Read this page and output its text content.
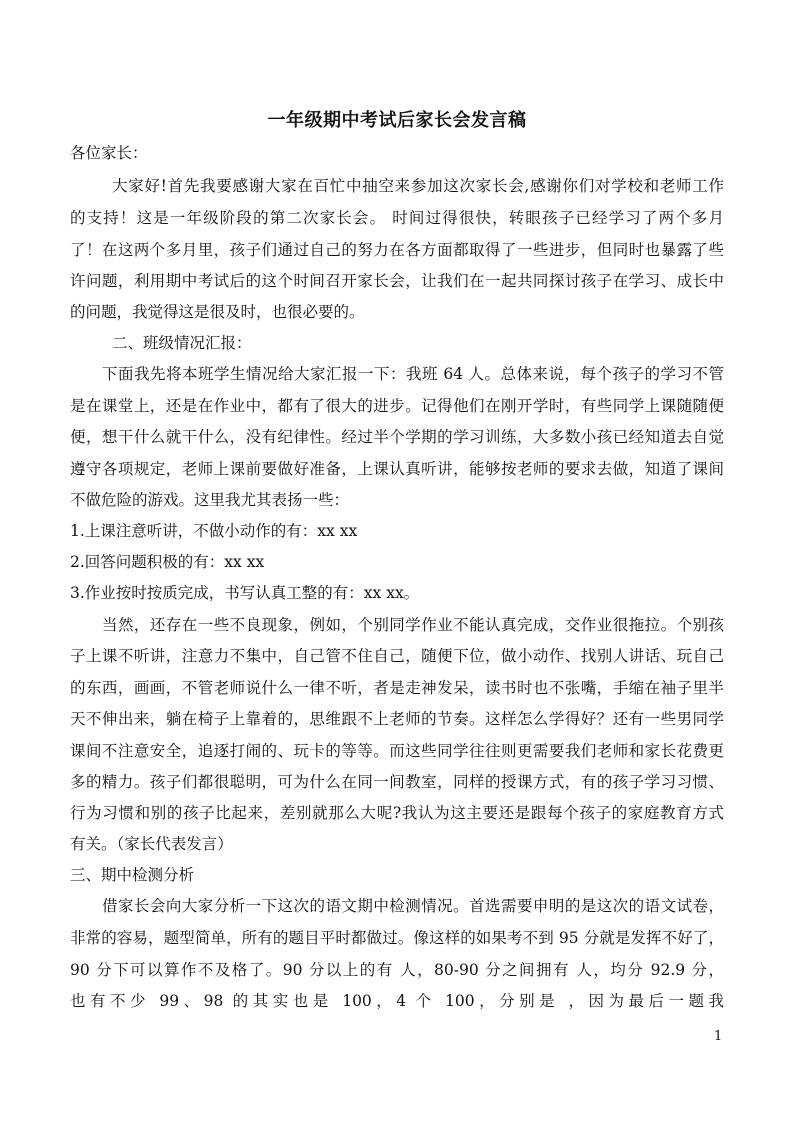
一年级期中考试后家长会发言稿
各位家长：
大家好!首先我要感谢大家在百忙中抽空来参加这次家长会,感谢你们对学校和老师工作
的支持！这是一年级阶段的第二次家长会。 时间过得很快，转眼孩子已经学习了两个多月
了！在这两个多月里，孩子们通过自己的努力在各方面都取得了一些进步，但同时也暴露了些
许问题，利用期中考试后的这个时间召开家长会，让我们在一起共同探讨孩子在学习、成长中
的问题，我觉得这是很及时，也很必要的。
二、班级情况汇报：
下面我先将本班学生情况给大家汇报一下：我班 64 人。总体来说，每个孩子的学习不管
是在课堂上，还是在作业中，都有了很大的进步。记得他们在刚开学时，有些同学上课随随便
便，想干什么就干什么，没有纪律性。经过半个学期的学习训练，大多数小孩已经知道去自觉
遵守各项规定，老师上课前要做好准备，上课认真听讲，能够按老师的要求去做，知道了课间
不做危险的游戏。这里我尤其表扬一些：
1.上课注意听讲，不做小动作的有：xx xx
2.回答问题积极的有：xx xx
3.作业按时按质完成，书写认真工整的有：xx xx。
当然，还存在一些不良现象，例如，个别同学作业不能认真完成，交作业很拖拉。个别孩
子上课不听讲，注意力不集中，自己管不住自己，随便下位，做小动作、找别人讲话、玩自己
的东西，画画，不管老师说什么一律不听，者是走神发呆，读书时也不张嘴，手缩在袖子里半
天不伸出来，躺在椅子上靠着的，思维跟不上老师的节奏。这样怎么学得好？还有一些男同学
课间不注意安全，追逐打闹的、玩卡的等等。而这些同学往往则更需要我们老师和家长花费更
多的精力。孩子们都很聪明，可为什么在同一间教室，同样的授课方式，有的孩子学习习惯、
行为习惯和别的孩子比起来，差别就那么大呢?我认为这主要还是跟每个孩子的家庭教育方式
有关。（家长代表发言）
三、期中检测分析
借家长会向大家分析一下这次的语文期中检测情况。首选需要申明的是这次的语文试卷，
非常的容易，题型简单，所有的题目平时都做过。像这样的如果考不到 95 分就是发挥不好了，
90 分下可以算作不及格了。90 分以上的有 人，80-90 分之间拥有 人，均分 92.9 分，
也有不少 99、98 的其实也是 100，4 个 100，分别是 ，因为最后一题我
1
